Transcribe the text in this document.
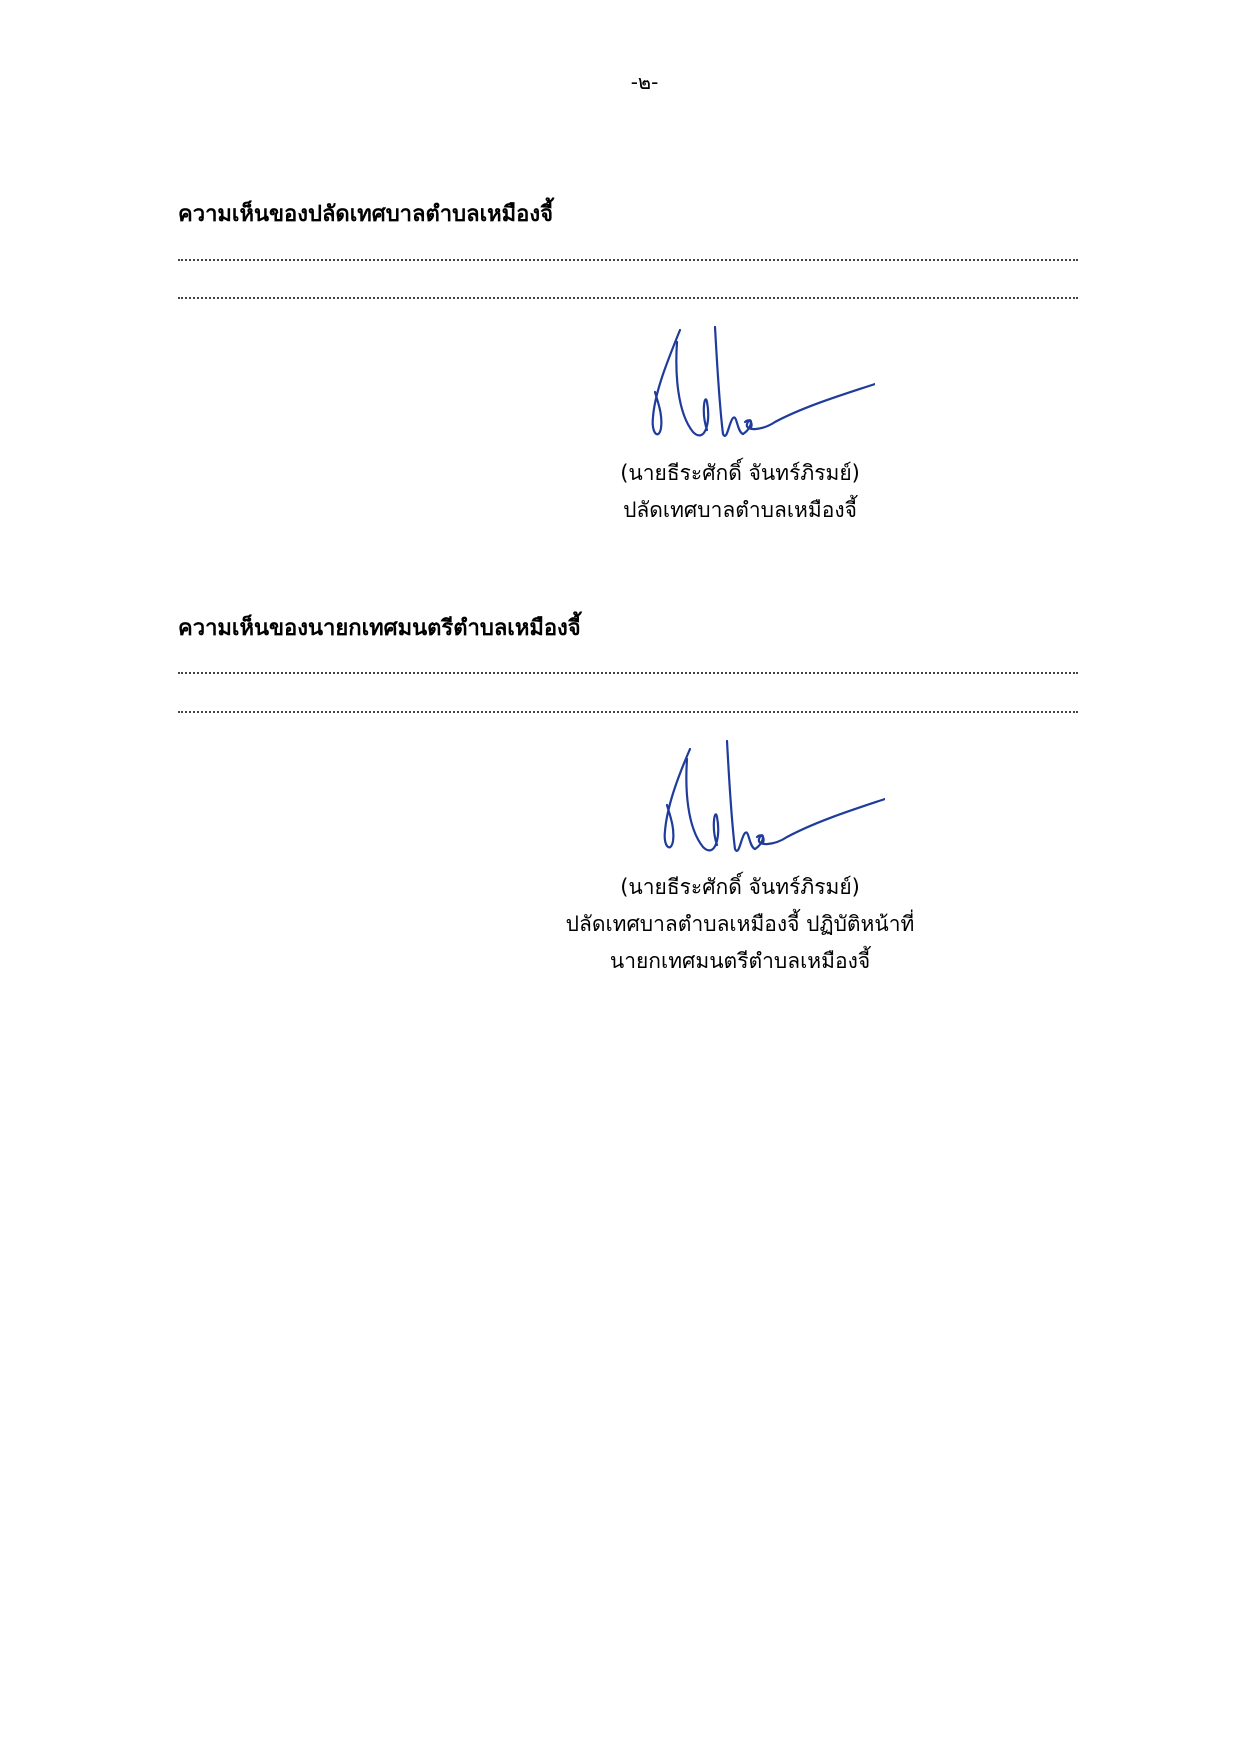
-๒-
ความเห็นของปลัดเทศบาลตำบลเหมืองจี้
(นายธีระศักดิ์ จันทร์ภิรมย์)
ปลัดเทศบาลตำบลเหมืองจี้
ความเห็นของนายกเทศมนตรีตำบลเหมืองจี้
(นายธีระศักดิ์ จันทร์ภิรมย์)
ปลัดเทศบาลตำบลเหมืองจี้ ปฏิบัติหน้าที่
นายกเทศมนตรีตำบลเหมืองจี้
